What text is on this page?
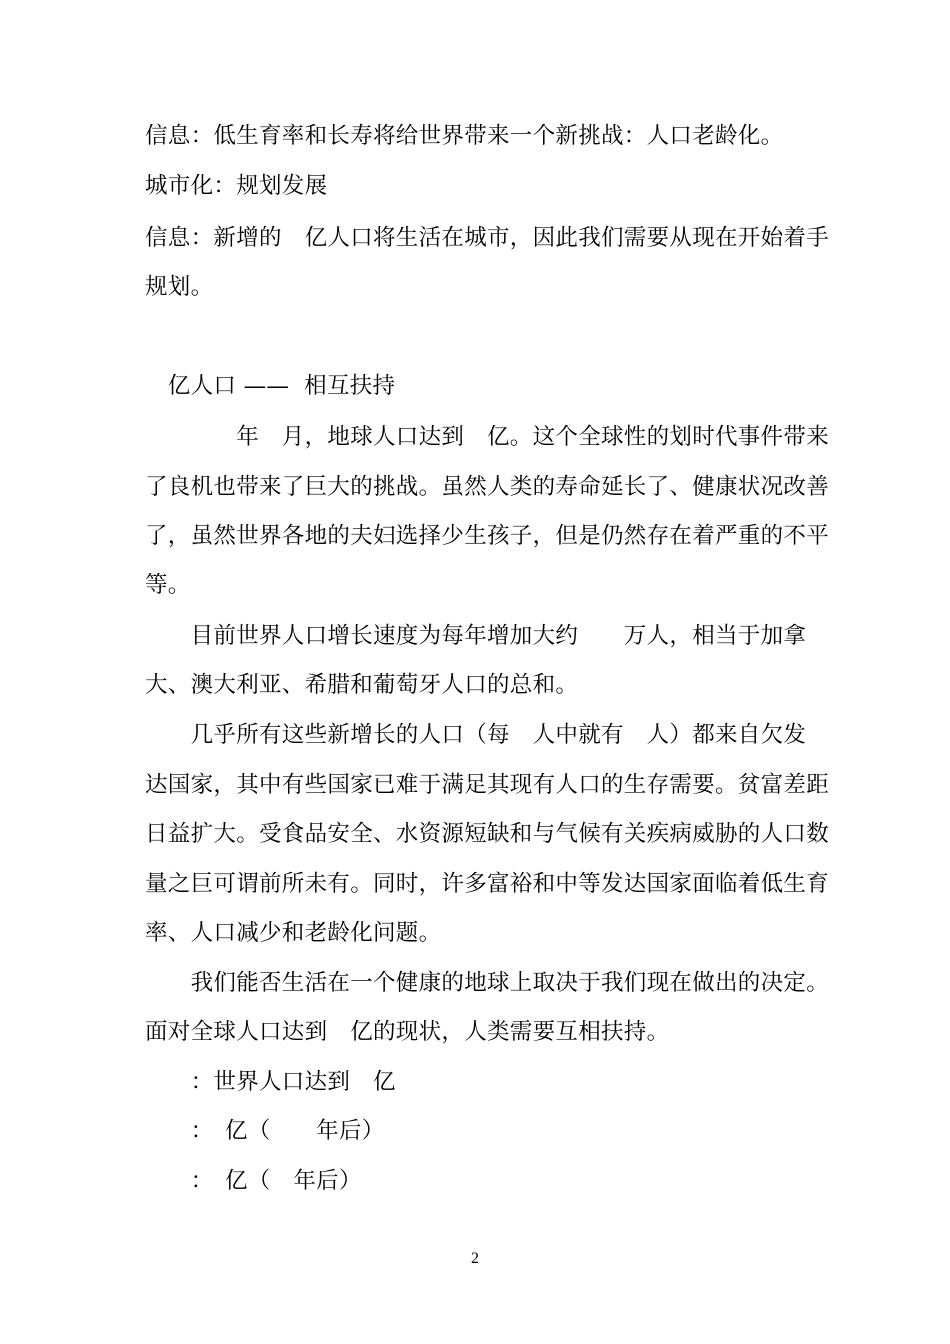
信息：低生育率和长寿将给世界带来一个新挑战：人口老龄化。
城市化：规划发展
信息：新增的　亿人口将生活在城市，因此我们需要从现在开始着手
规划。
　亿人口 ——  相互扶持
　　　　年　月，地球人口达到　亿。这个全球性的划时代事件带来
了良机也带来了巨大的挑战。虽然人类的寿命延长了、健康状况改善
了，虽然世界各地的夫妇选择少生孩子，但是仍然存在着严重的不平
等。
　　目前世界人口增长速度为每年增加大约　　万人，相当于加拿
大、澳大利亚、希腊和葡萄牙人口的总和。
　　几乎所有这些新增长的人口（每　人中就有　人）都来自欠发
达国家，其中有些国家已难于满足其现有人口的生存需要。贫富差距
日益扩大。受食品安全、水资源短缺和与气候有关疾病威胁的人口数
量之巨可谓前所未有。同时，许多富裕和中等发达国家面临着低生育
率、人口减少和老龄化问题。
　　我们能否生活在一个健康的地球上取决于我们现在做出的决定。
面对全球人口达到　亿的现状，人类需要互相扶持。
　　：世界人口达到　亿
　　：　亿（　　年后）
　　：　亿（　年后）
2
